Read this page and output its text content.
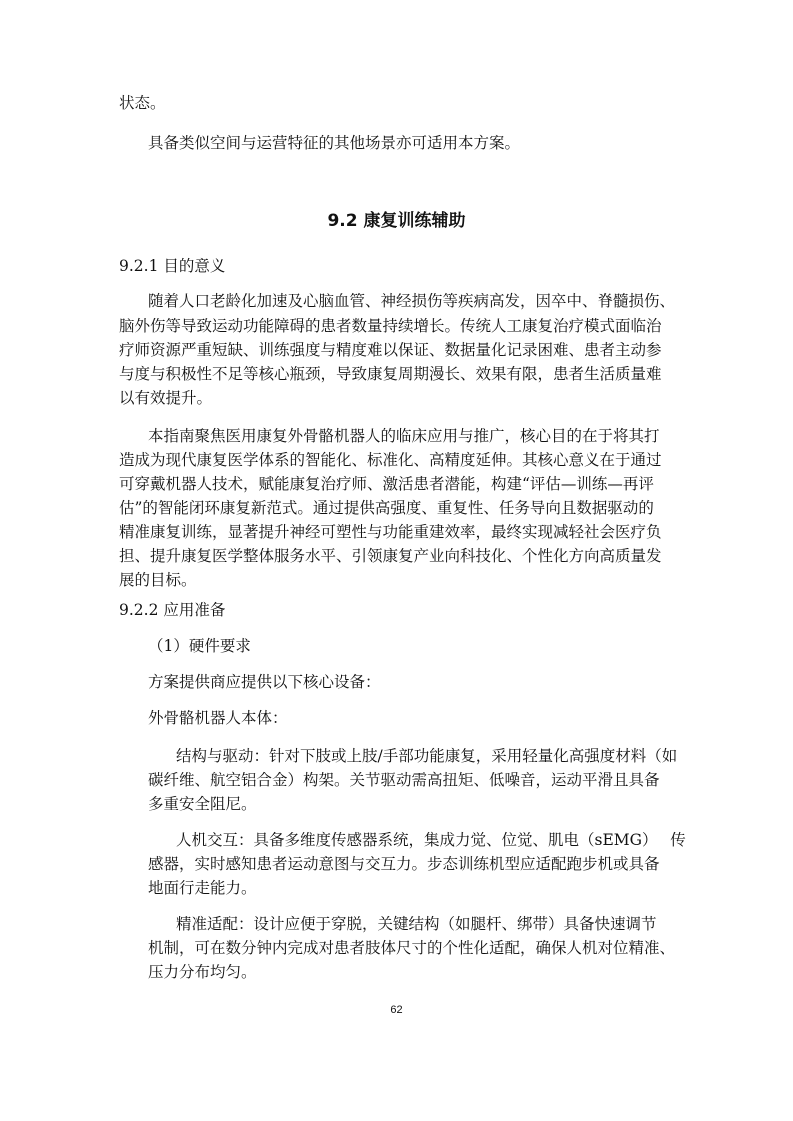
状态。
具备类似空间与运营特征的其他场景亦可适用本方案。
9.2 康复训练辅助
9.2.1 目的意义
随着人口老龄化加速及心脑血管、神经损伤等疾病高发，因卒中、脊髓损伤、
脑外伤等导致运动功能障碍的患者数量持续增长。传统人工康复治疗模式面临治
疗师资源严重短缺、训练强度与精度难以保证、数据量化记录困难、患者主动参
与度与积极性不足等核心瓶颈，导致康复周期漫长、效果有限，患者生活质量难
以有效提升。
本指南聚焦医用康复外骨骼机器人的临床应用与推广，核心目的在于将其打
造成为现代康复医学体系的智能化、标准化、高精度延伸。其核心意义在于通过
可穿戴机器人技术，赋能康复治疗师、激活患者潜能，构建“评估—训练—再评
估”的智能闭环康复新范式。通过提供高强度、重复性、任务导向且数据驱动的
精准康复训练，显著提升神经可塑性与功能重建效率，最终实现减轻社会医疗负
担、提升康复医学整体服务水平、引领康复产业向科技化、个性化方向高质量发
展的目标。
9.2.2 应用准备
（1）硬件要求
方案提供商应提供以下核心设备：
外骨骼机器人本体：
结构与驱动：针对下肢或上肢/手部功能康复，采用轻量化高强度材料（如
碳纤维、航空铝合金）构架。关节驱动需高扭矩、低噪音，运动平滑且具备
多重安全阻尼。
人机交互：具备多维度传感器系统，集成力觉、位觉、肌电（sEMG）　 传
感器，实时感知患者运动意图与交互力。步态训练机型应适配跑步机或具备
地面行走能力。
精准适配：设计应便于穿脱，关键结构（如腿杆、绑带）具备快速调节
机制，可在数分钟内完成对患者肢体尺寸的个性化适配，确保人机对位精准、
压力分布均匀。
62
